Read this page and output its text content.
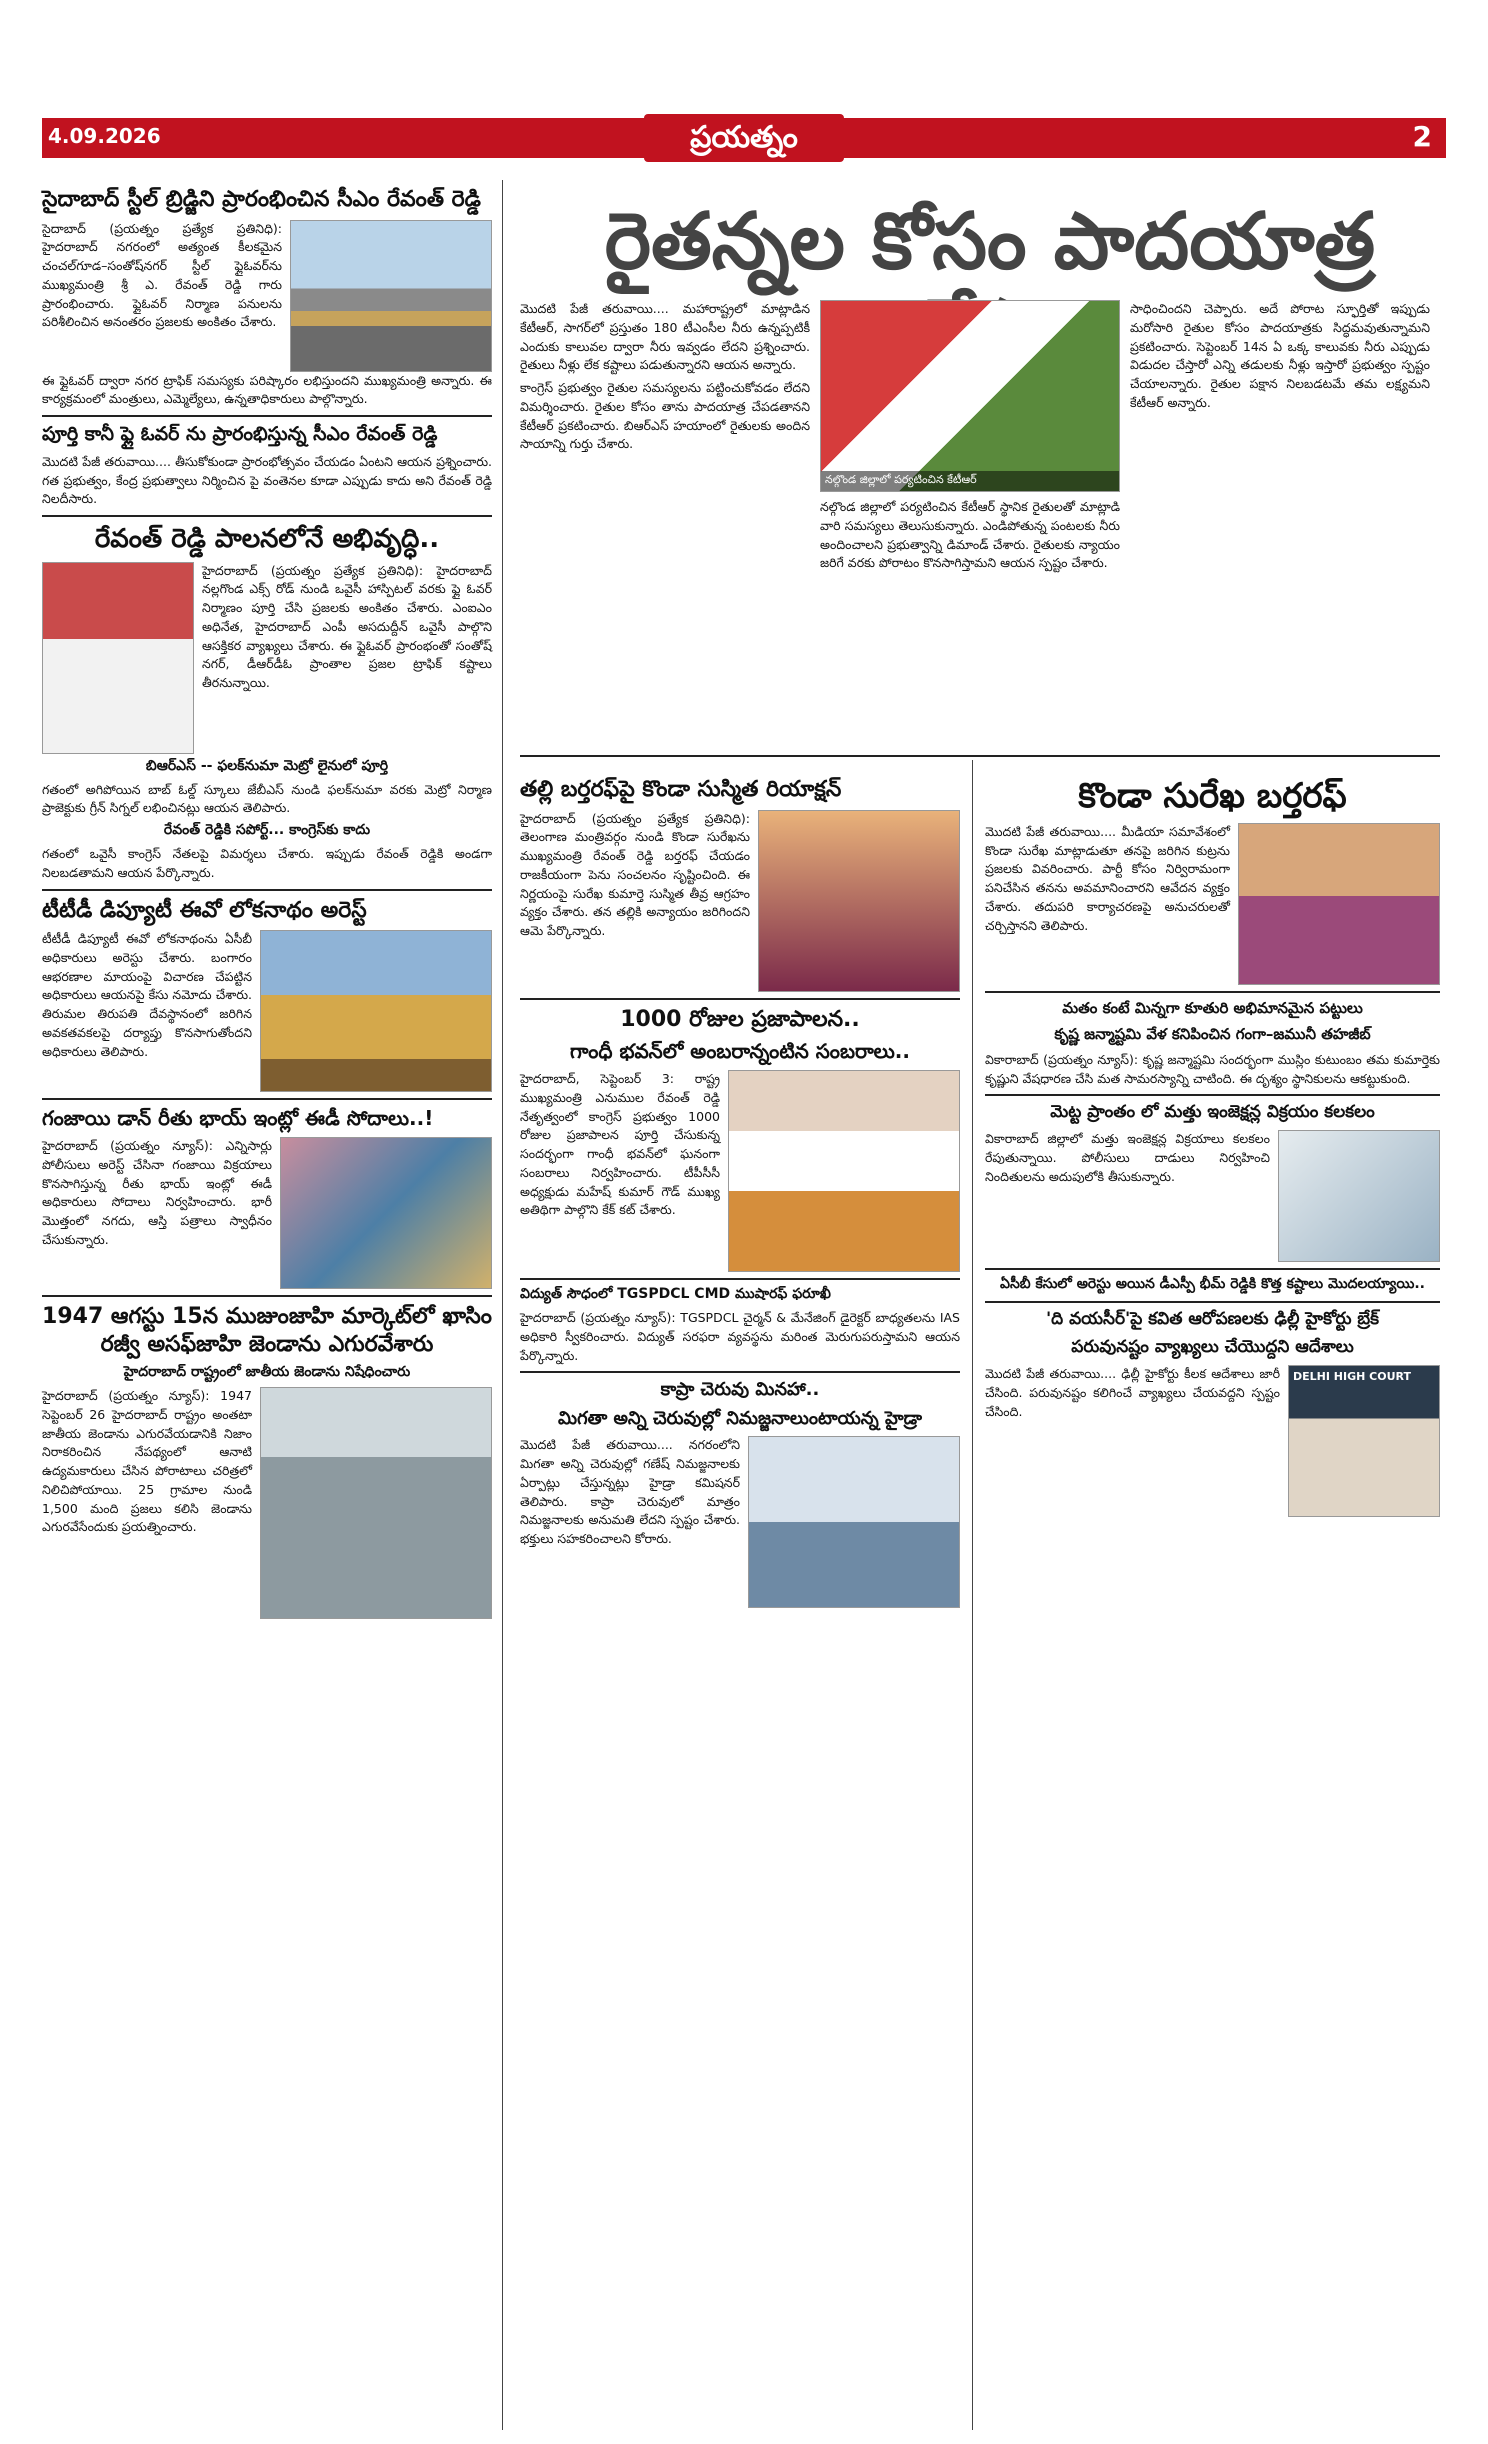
4.09.2026	ప్రయత్నం	2
సైదాబాద్ స్టీల్ బ్రిడ్జిని ప్రారంభించిన సీఎం రేవంత్ రెడ్డి
సైదాబాద్ (ప్రయత్నం ప్రత్యేక ప్రతినిధి): హైదరాబాద్ నగరంలో అత్యంత కీలకమైన చంచల్‌గూడ–సంతోష్‌నగర్ స్టీల్ ఫ్లైఓవర్‌ను ముఖ్యమంత్రి శ్రీ ఎ. రేవంత్ రెడ్డి గారు ప్రారంభించారు. ఫ్లైఓవర్ నిర్మాణ పనులను పరిశీలించిన అనంతరం ప్రజలకు అంకితం చేశారు.
ఈ ఫ్లైఓవర్ ద్వారా నగర ట్రాఫిక్ సమస్యకు పరిష్కారం లభిస్తుందని ముఖ్యమంత్రి అన్నారు. ఈ కార్యక్రమంలో మంత్రులు, ఎమ్మెల్యేలు, ఉన్నతాధికారులు పాల్గొన్నారు.
పూర్తి కానీ ఫ్లై ఓవర్ ను ప్రారంభిస్తున్న సీఎం రేవంత్ రెడ్డి
మొదటి పేజీ తరువాయి.... తీసుకోకుండా ప్రారంభోత్సవం చేయడం ఏంటని ఆయన ప్రశ్నించారు. గత ప్రభుత్వం, కేంద్ర ప్రభుత్వాలు నిర్మించిన పై వంతెనల కూడా ఎప్పుడు కాదు అని రేవంత్ రెడ్డి నిలదీసారు.
రేవంత్ రెడ్డి పాలనలోనే అభివృద్ధి..
హైదరాబాద్ (ప్రయత్నం ప్రత్యేక ప్రతినిధి): హైదరాబాద్ నల్లగొండ ఎక్స్ రోడ్ నుండి ఒవైసీ హాస్పిటల్ వరకు ఫ్లై ఓవర్ నిర్మాణం పూర్తి చేసి ప్రజలకు అంకితం చేశారు. ఎంఐఎం అధినేత, హైదరాబాద్ ఎంపీ అసదుద్దీన్ ఒవైసీ పాల్గొని ఆసక్తికర వ్యాఖ్యలు చేశారు. ఈ ఫ్లైఓవర్ ప్రారంభంతో సంతోష్ నగర్, డీఆర్‌డీఓ ప్రాంతాల ప్రజల ట్రాఫిక్ కష్టాలు తీరనున్నాయి.
బిఆర్ఎస్ -- ఫలక్‌నుమా మెట్రో లైనులో పూర్తి
గతంలో అగిపోయిన బాబ్ ఓల్డ్ స్కూలు జేబీఎస్ నుండి ఫలక్‌నుమా వరకు మెట్రో నిర్మాణ ప్రాజెక్టుకు గ్రీన్ సిగ్నల్ లభించినట్లు ఆయన తెలిపారు.
రేవంత్ రెడ్డికి సపోర్ట్... కాంగ్రెస్‌కు కాదు
గతంలో ఒవైసీ కాంగ్రెస్ నేతలపై విమర్శలు చేశారు. ఇప్పుడు రేవంత్ రెడ్డికి అండగా నిలబడతామని ఆయన పేర్కొన్నారు.
టీటీడీ డిప్యూటీ ఈవో లోకనాథం అరెస్ట్
టీటీడీ డిప్యూటీ ఈవో లోకనాథంను ఏసీబీ అధికారులు అరెస్టు చేశారు. బంగారం ఆభరణాల మాయంపై విచారణ చేపట్టిన అధికారులు ఆయనపై కేసు నమోదు చేశారు. తిరుమల తిరుపతి దేవస్థానంలో జరిగిన అవకతవకలపై దర్యాప్తు కొనసాగుతోందని అధికారులు తెలిపారు.
గంజాయి డాన్ రీతు భాయ్ ఇంట్లో ఈడీ సోదాలు..!
హైదరాబాద్ (ప్రయత్నం న్యూస్): ఎన్నిసార్లు పోలీసులు అరెస్ట్ చేసినా గంజాయి విక్రయాలు కొనసాగిస్తున్న రీతు భాయ్ ఇంట్లో ఈడీ అధికారులు సోదాలు నిర్వహించారు. భారీ మొత్తంలో నగదు, ఆస్తి పత్రాలు స్వాధీనం చేసుకున్నారు.
1947 ఆగస్టు 15న ముజుంజాహి మార్కెట్‌లో ఖాసిం రజ్వీ అసఫ్‌జాహి జెండాను ఎగురవేశారు
హైదరాబాద్ రాష్ట్రంలో జాతీయ జెండాను నిషేధించారు
హైదరాబాద్ (ప్రయత్నం న్యూస్): 1947 సెప్టెంబర్ 26 హైదరాబాద్ రాష్ట్రం అంతటా జాతీయ జెండాను ఎగురవేయడానికి నిజాం నిరాకరించిన నేపథ్యంలో ఆనాటి ఉద్యమకారులు చేసిన పోరాటాలు చరిత్రలో నిలిచిపోయాయి. 25 గ్రామాల నుండి 1,500 మంది ప్రజలు కలిసి జెండాను ఎగురవేసేందుకు ప్రయత్నించారు.
రైతన్నల కోసం పాదయాత్ర
మొదటి పేజీ తరువాయి.... మహారాష్ట్రలో మాట్లాడిన కేటీఆర్, సాగర్‌లో ప్రస్తుతం 180 టీఎంసీల నీరు ఉన్నప్పటికీ ఎందుకు కాలువల ద్వారా నీరు ఇవ్వడం లేదని ప్రశ్నించారు. రైతులు నీళ్లు లేక కష్టాలు పడుతున్నారని ఆయన అన్నారు.
కాంగ్రెస్ ప్రభుత్వం రైతుల సమస్యలను పట్టించుకోవడం లేదని విమర్శించారు. రైతుల కోసం తాను పాదయాత్ర చేపడతానని కేటీఆర్ ప్రకటించారు. బిఆర్ఎస్ హయాంలో రైతులకు అందిన సాయాన్ని గుర్తు చేశారు.
నల్గొండ జిల్లాలో పర్యటించిన కేటీఆర్
నల్గొండ జిల్లాలో పర్యటించిన కేటీఆర్ స్థానిక రైతులతో మాట్లాడి వారి సమస్యలు తెలుసుకున్నారు. ఎండిపోతున్న పంటలకు నీరు అందించాలని ప్రభుత్వాన్ని డిమాండ్ చేశారు. రైతులకు న్యాయం జరిగే వరకు పోరాటం కొనసాగిస్తామని ఆయన స్పష్టం చేశారు.
సాధించిందని చెప్పారు. అదే పోరాట స్ఫూర్తితో ఇప్పుడు మరోసారి రైతుల కోసం పాదయాత్రకు సిద్ధమవుతున్నామని ప్రకటించారు. సెప్టెంబర్ 14న ఏ ఒక్క కాలువకు నీరు ఎప్పుడు విడుదల చేస్తారో ఎన్ని తడులకు నీళ్లు ఇస్తారో ప్రభుత్వం స్పష్టం చేయాలన్నారు. రైతుల పక్షాన నిలబడటమే తమ లక్ష్యమని కేటీఆర్ అన్నారు.
తల్లి బర్తరఫ్‌పై కొండా సుస్మిత రియాక్షన్
హైదరాబాద్ (ప్రయత్నం ప్రత్యేక ప్రతినిధి): తెలంగాణ మంత్రివర్గం నుండి కొండా సురేఖను ముఖ్యమంత్రి రేవంత్ రెడ్డి బర్తరఫ్ చేయడం రాజకీయంగా పెను సంచలనం సృష్టించింది. ఈ నిర్ణయంపై సురేఖ కుమార్తె సుస్మిత తీవ్ర ఆగ్రహం వ్యక్తం చేశారు. తన తల్లికి అన్యాయం జరిగిందని ఆమె పేర్కొన్నారు.
1000 రోజుల ప్రజాపాలన..
గాంధీ భవన్‌లో అంబరాన్నంటిన సంబరాలు..
హైదరాబాద్, సెప్టెంబర్ 3: రాష్ట్ర ముఖ్యమంత్రి ఎనుముల రేవంత్ రెడ్డి నేతృత్వంలో కాంగ్రెస్ ప్రభుత్వం 1000 రోజుల ప్రజాపాలన పూర్తి చేసుకున్న సందర్భంగా గాంధీ భవన్‌లో ఘనంగా సంబరాలు నిర్వహించారు. టీపీసీసీ అధ్యక్షుడు మహేష్ కుమార్ గౌడ్ ముఖ్య అతిథిగా పాల్గొని కేక్ కట్ చేశారు.
విద్యుత్ సౌధంలో TGSPDCL CMD ముషారఫ్ ఫరూఖీ
హైదరాబాద్ (ప్రయత్నం న్యూస్): TGSPDCL చైర్మన్ & మేనేజింగ్ డైరెక్టర్ బాధ్యతలను IAS అధికారి స్వీకరించారు. విద్యుత్ సరఫరా వ్యవస్థను మరింత మెరుగుపరుస్తామని ఆయన పేర్కొన్నారు.
కాప్రా చెరువు మినహా..
మిగతా అన్ని చెరువుల్లో నిమజ్జనాలుంటాయన్న హైడ్రా
మొదటి పేజీ తరువాయి.... నగరంలోని మిగతా అన్ని చెరువుల్లో గణేష్ నిమజ్జనాలకు ఏర్పాట్లు చేస్తున్నట్లు హైడ్రా కమిషనర్ తెలిపారు. కాప్రా చెరువులో మాత్రం నిమజ్జనాలకు అనుమతి లేదని స్పష్టం చేశారు. భక్తులు సహకరించాలని కోరారు.
కొండా సురేఖ బర్తరఫ్
మొదటి పేజీ తరువాయి.... మీడియా సమావేశంలో కొండా సురేఖ మాట్లాడుతూ తనపై జరిగిన కుట్రను ప్రజలకు వివరించారు. పార్టీ కోసం నిర్విరామంగా పనిచేసిన తనను అవమానించారని ఆవేదన వ్యక్తం చేశారు. తదుపరి కార్యాచరణపై అనుచరులతో చర్చిస్తానని తెలిపారు.
మతం కంటే మిన్నగా కూతురి అభిమానమైన పట్టులు
కృష్ణ జన్మాష్టమి వేళ కనిపించిన గంగా–జమునీ తహజీబ్
వికారాబాద్ (ప్రయత్నం న్యూస్): కృష్ణ జన్మాష్టమి సందర్భంగా ముస్లిం కుటుంబం తమ కుమార్తెకు కృష్ణుని వేషధారణ చేసి మత సామరస్యాన్ని చాటింది. ఈ దృశ్యం స్థానికులను ఆకట్టుకుంది.
మెట్ట ప్రాంతం లో మత్తు ఇంజెక్షన్ల విక్రయం కలకలం
వికారాబాద్ జిల్లాలో మత్తు ఇంజెక్షన్ల విక్రయాలు కలకలం రేపుతున్నాయి. పోలీసులు దాడులు నిర్వహించి నిందితులను అదుపులోకి తీసుకున్నారు.
ఏసీబీ కేసులో అరెస్టు అయిన డీఎస్పీ భీమ్ రెడ్డికి కొత్త కష్టాలు మొదలయ్యాయి..
'ది వయసీర్‌'పై కవిత ఆరోపణలకు ఢిల్లీ హైకోర్టు బ్రేక్
పరువునష్టం వ్యాఖ్యలు చేయొద్దని ఆదేశాలు
మొదటి పేజీ తరువాయి.... ఢిల్లీ హైకోర్టు కీలక ఆదేశాలు జారీ చేసింది. పరువునష్టం కలిగించే వ్యాఖ్యలు చేయవద్దని స్పష్టం చేసింది.
DELHI HIGH COURT
